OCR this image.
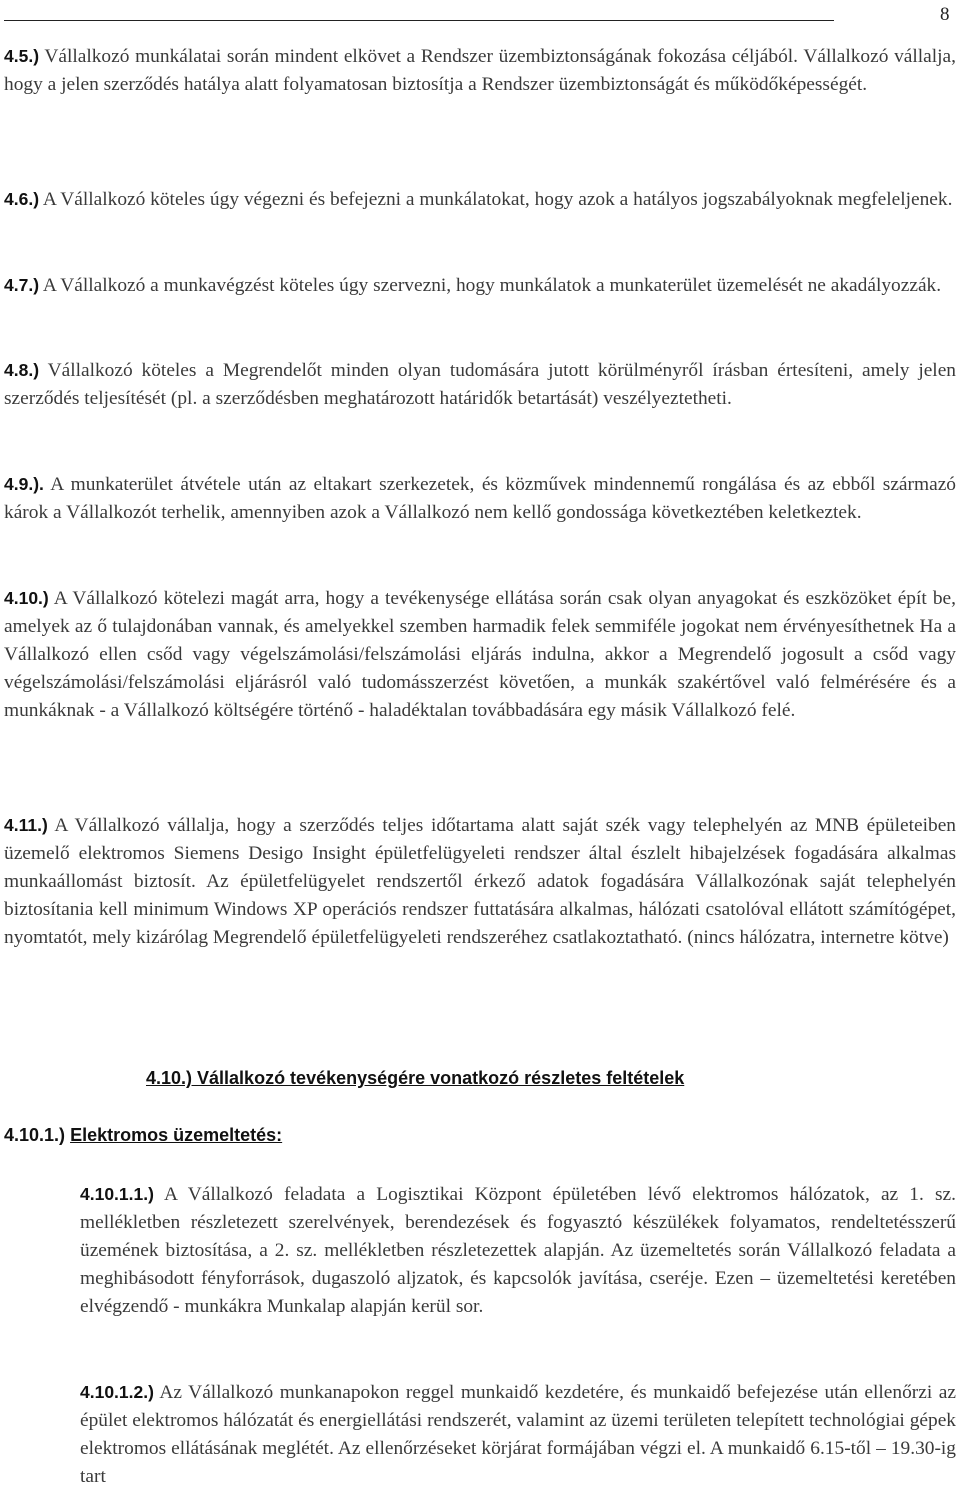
8
4.5.) Vállalkozó munkálatai során mindent elkövet a Rendszer üzembiztonságának fokozása céljából. Vállalkozó vállalja, hogy a jelen szerződés hatálya alatt folyamatosan biztosítja a Rendszer üzembiztonságát és működőképességét.
4.6.) A Vállalkozó köteles úgy végezni és befejezni a munkálatokat, hogy azok a hatályos jogszabályoknak megfeleljenek.
4.7.) A Vállalkozó a munkavégzést köteles úgy szervezni, hogy munkálatok a munkaterület üzemelését ne akadályozzák.
4.8.) Vállalkozó köteles a Megrendelőt minden olyan tudomására jutott körülményről írásban értesíteni, amely jelen szerződés teljesítését (pl. a szerződésben meghatározott határidők betartását) veszélyeztetheti.
4.9.). A munkaterület átvétele után az eltakart szerkezetek, és közművek mindennemű rongálása és az ebből származó károk a Vállalkozót terhelik, amennyiben azok a Vállalkozó nem kellő gondossága következtében keletkeztek.
4.10.) A Vállalkozó kötelezi magát arra, hogy a tevékenysége ellátása során csak olyan anyagokat és eszközöket épít be, amelyek az ő tulajdonában vannak, és amelyekkel szemben harmadik felek semmiféle jogokat nem érvényesíthetnek Ha a Vállalkozó ellen csőd vagy végelszámolási/felszámolási eljárás indulna, akkor a Megrendelő jogosult a csőd vagy végelszámolási/felszámolási eljárásról való tudomásszerzést követően, a munkák szakértővel való felmérésére és a munkáknak - a Vállalkozó költségére történő - haladéktalan továbbadására egy másik Vállalkozó felé.
4.11.) A Vállalkozó vállalja, hogy a szerződés teljes időtartama alatt saját szék vagy telephelyén az MNB épületeiben üzemelő elektromos Siemens Desigo Insight épületfelügyeleti rendszer által észlelt hibajelzések fogadására alkalmas munkaállomást biztosít. Az épületfelügyelet rendszertől érkező adatok fogadására Vállalkozónak saját telephelyén biztosítania kell minimum Windows XP operációs rendszer futtatására alkalmas, hálózati csatolóval ellátott számítógépet, nyomtatót, mely kizárólag Megrendelő épületfelügyeleti rendszeréhez csatlakoztatható. (nincs hálózatra, internetre kötve)
4.10.) Vállalkozó tevékenységére vonatkozó részletes feltételek
4.10.1.) Elektromos üzemeltetés:
4.10.1.1.) A Vállalkozó feladata a Logisztikai Központ épületében lévő elektromos hálózatok, az 1. sz. mellékletben részletezett szerelvények, berendezések és fogyasztó készülékek folyamatos, rendeltetésszerű üzemének biztosítása, a 2. sz. mellékletben részletezettek alapján. Az üzemeltetés során Vállalkozó feladata a meghibásodott fényforrások, dugaszoló aljzatok, és kapcsolók javítása, cseréje. Ezen – üzemeltetési keretében elvégzendő - munkákra Munkalap alapján kerül sor.
4.10.1.2.) Az Vállalkozó munkanapokon reggel munkaidő kezdetére, és munkaidő befejezése után ellenőrzi az épület elektromos hálózatát és energiellátási rendszerét, valamint az üzemi területen telepített technológiai gépek elektromos ellátásának meglétét. Az ellenőrzéseket körjárat formájában végzi el. A munkaidő 6.15-től – 19.30-ig tart
